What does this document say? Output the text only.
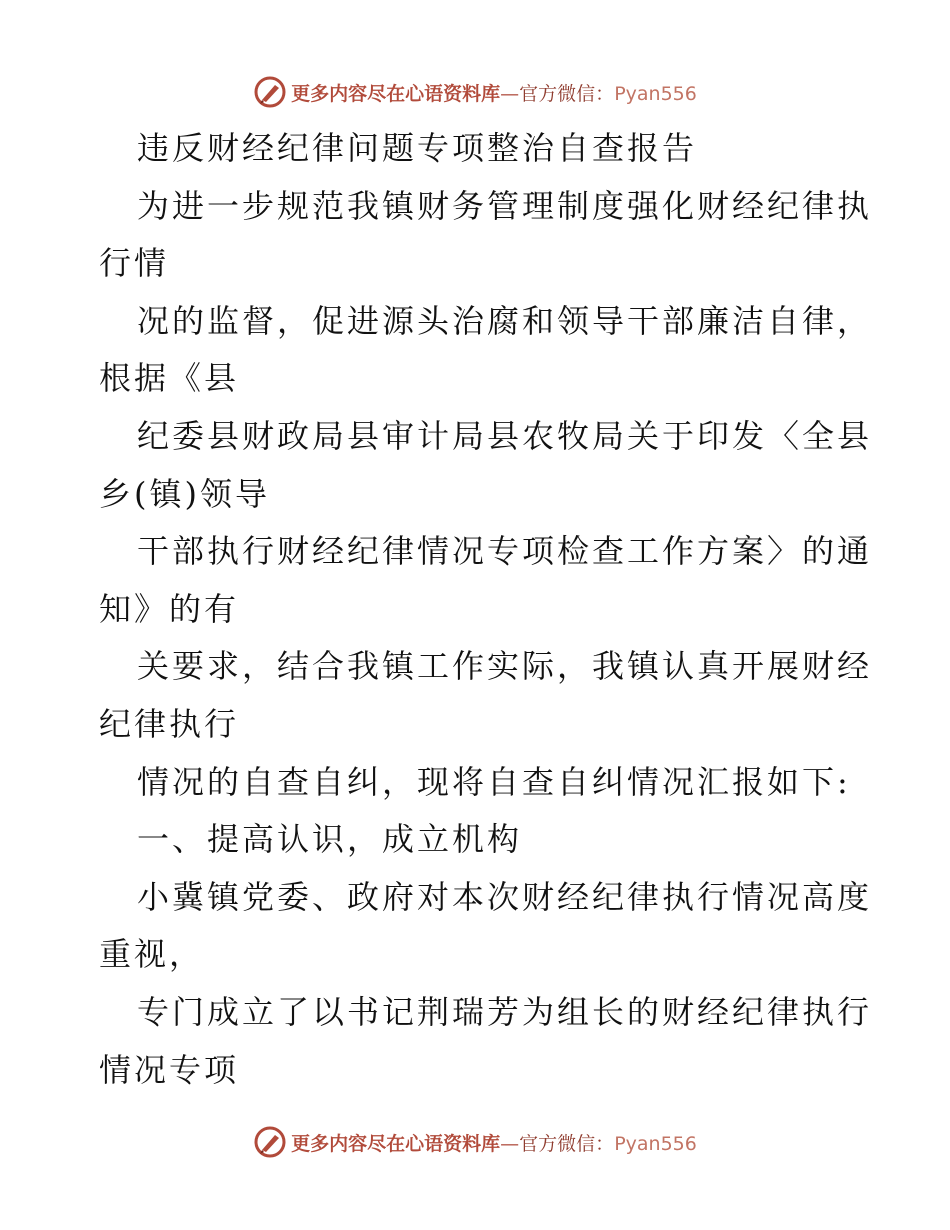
更多内容尽在心语资料库—官方微信：Pyan556
违反财经纪律问题专项整治自查报告
为进一步规范我镇财务管理制度强化财经纪律执
行情
况的监督，促进源头治腐和领导干部廉洁自律，
根据《县
纪委县财政局县审计局县农牧局关于印发〈全县
乡(镇)领导
干部执行财经纪律情况专项检查工作方案〉的通
知》的有
关要求，结合我镇工作实际，我镇认真开展财经
纪律执行
情况的自查自纠，现将自查自纠情况汇报如下:
一、提高认识，成立机构
小冀镇党委、政府对本次财经纪律执行情况高度
重视，
专门成立了以书记荆瑞芳为组长的财经纪律执行
情况专项
更多内容尽在心语资料库—官方微信：Pyan556
